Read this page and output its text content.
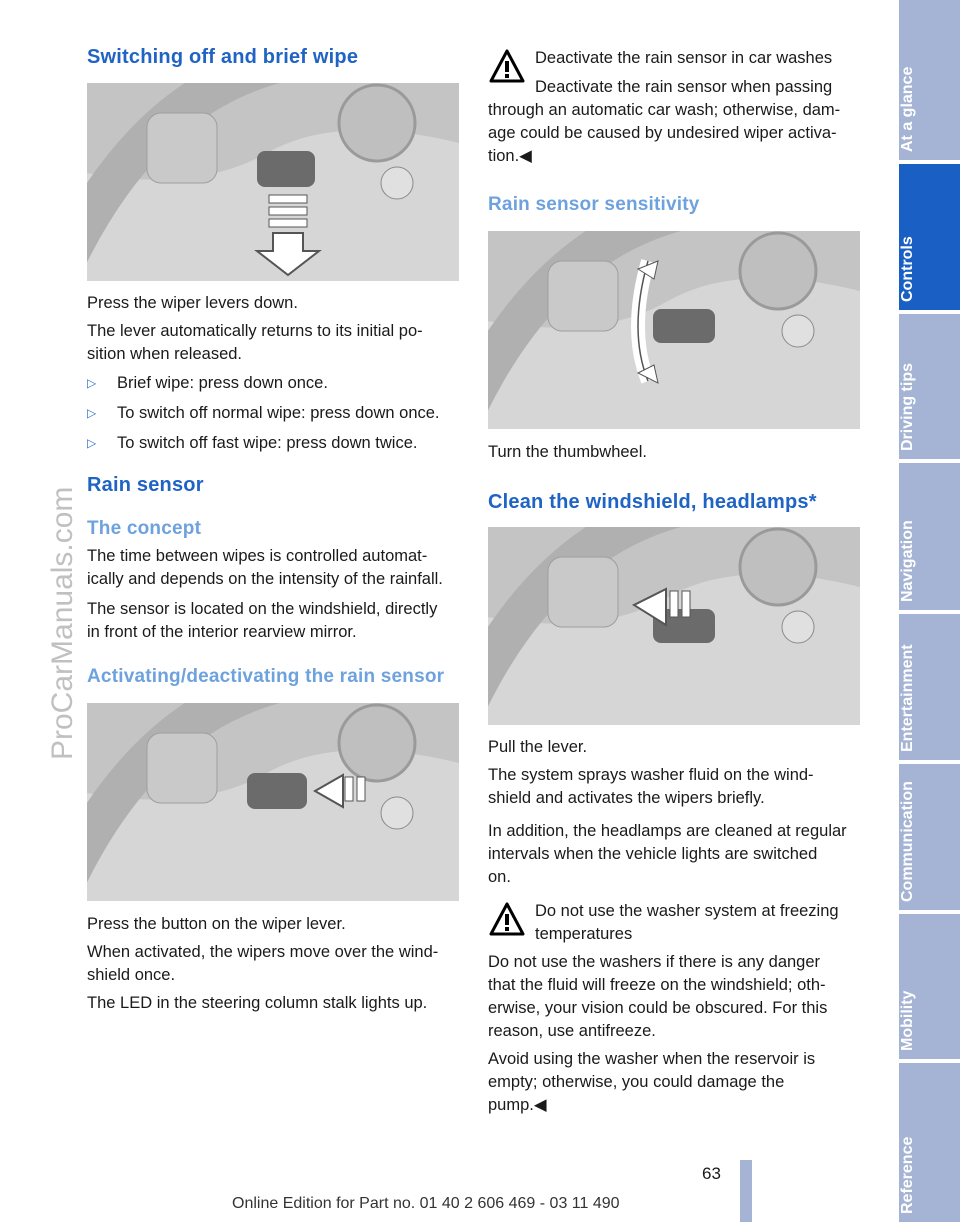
Switching off and brief wipe

Press the wiper levers down.

The lever automatically returns to its initial po-

sition when released.

▷ Brief wipe: press down once.
▷ To switch off normal wipe: press down once.
▷ To switch off fast wipe: press down twice.
Rain sensor
The concept

The time between wipes is controlled automat-

ically and depends on the intensity of the rainfall.

The sensor is located on the windshield, directly

in front of the interior rearview mirror.

Activating/deactivating the rain sensor

Press the button on the wiper lever.

When activated, the wipers move over the wind-

shield once.

The LED in the steering column stalk lights up.

Deactivate the rain sensor in car washes

Deactivate the rain sensor when passing

through an automatic car wash; otherwise, dam-

age could be caused by undesired wiper activa-

tion.◀

Rain sensor sensitivity

Turn the thumbwheel.

Clean the windshield, headlamps*

Pull the lever.

The system sprays washer fluid on the wind-

shield and activates the wipers briefly.

In addition, the headlamps are cleaned at regular

intervals when the vehicle lights are switched

on.

Do not use the washer system at freezing

temperatures

Do not use the washers if there is any danger

that the fluid will freeze on the windshield; oth-

erwise, your vision could be obscured. For this

reason, use antifreeze.

Avoid using the washer when the reservoir is

empty; otherwise, you could damage the

pump.◀

At a glance
Controls
Driving tips
Navigation
Entertainment
Communication
Mobility
Reference
ProCarManuals.com
63
Online Edition for Part no. 01 40 2 606 469 - 03 11 490
